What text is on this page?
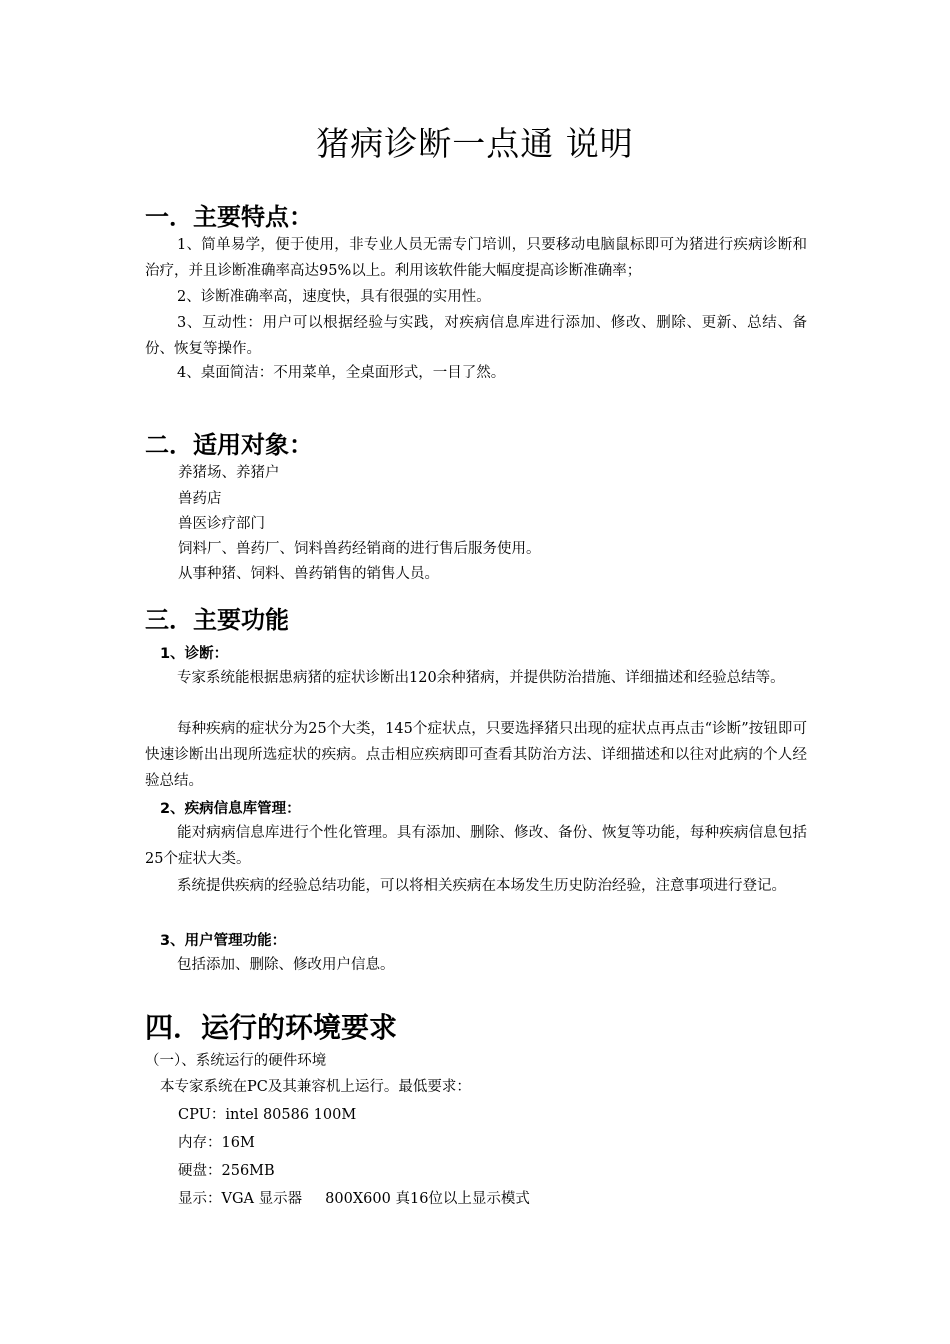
猪病诊断一点通 说明
一．主要特点：
1、简单易学，便于使用，非专业人员无需专门培训，只要移动电脑鼠标即可为猪进行疾病诊断和治疗，并且诊断准确率高达95%以上。利用该软件能大幅度提高诊断准确率；
2、诊断准确率高，速度快，具有很强的实用性。
3、互动性：用户可以根据经验与实践，对疾病信息库进行添加、修改、删除、更新、总结、备份、恢复等操作。
4、桌面简洁：不用菜单，全桌面形式，一目了然。
二．适用对象：
养猪场、养猪户
兽药店
兽医诊疗部门
饲料厂、兽药厂、饲料兽药经销商的进行售后服务使用。
从事种猪、饲料、兽药销售的销售人员。
三．主要功能
1、诊断：
专家系统能根据患病猪的症状诊断出120余种猪病，并提供防治措施、详细描述和经验总结等。
每种疾病的症状分为25个大类，145个症状点，只要选择猪只出现的症状点再点击“诊断”按钮即可快速诊断出出现所选症状的疾病。点击相应疾病即可查看其防治方法、详细描述和以往对此病的个人经验总结。
2、疾病信息库管理：
能对病病信息库进行个性化管理。具有添加、删除、修改、备份、恢复等功能，每种疾病信息包括25个症状大类。
系统提供疾病的经验总结功能，可以将相关疾病在本场发生历史防治经验，注意事项进行登记。
3、用户管理功能：
包括添加、删除、修改用户信息。
四．运行的环境要求
（一）、系统运行的硬件环境
本专家系统在PC及其兼容机上运行。最低要求：
CPU：intel 80586 100M
内存：16M
硬盘：256MB
显示：VGA 显示器     800X600 真16位以上显示模式
